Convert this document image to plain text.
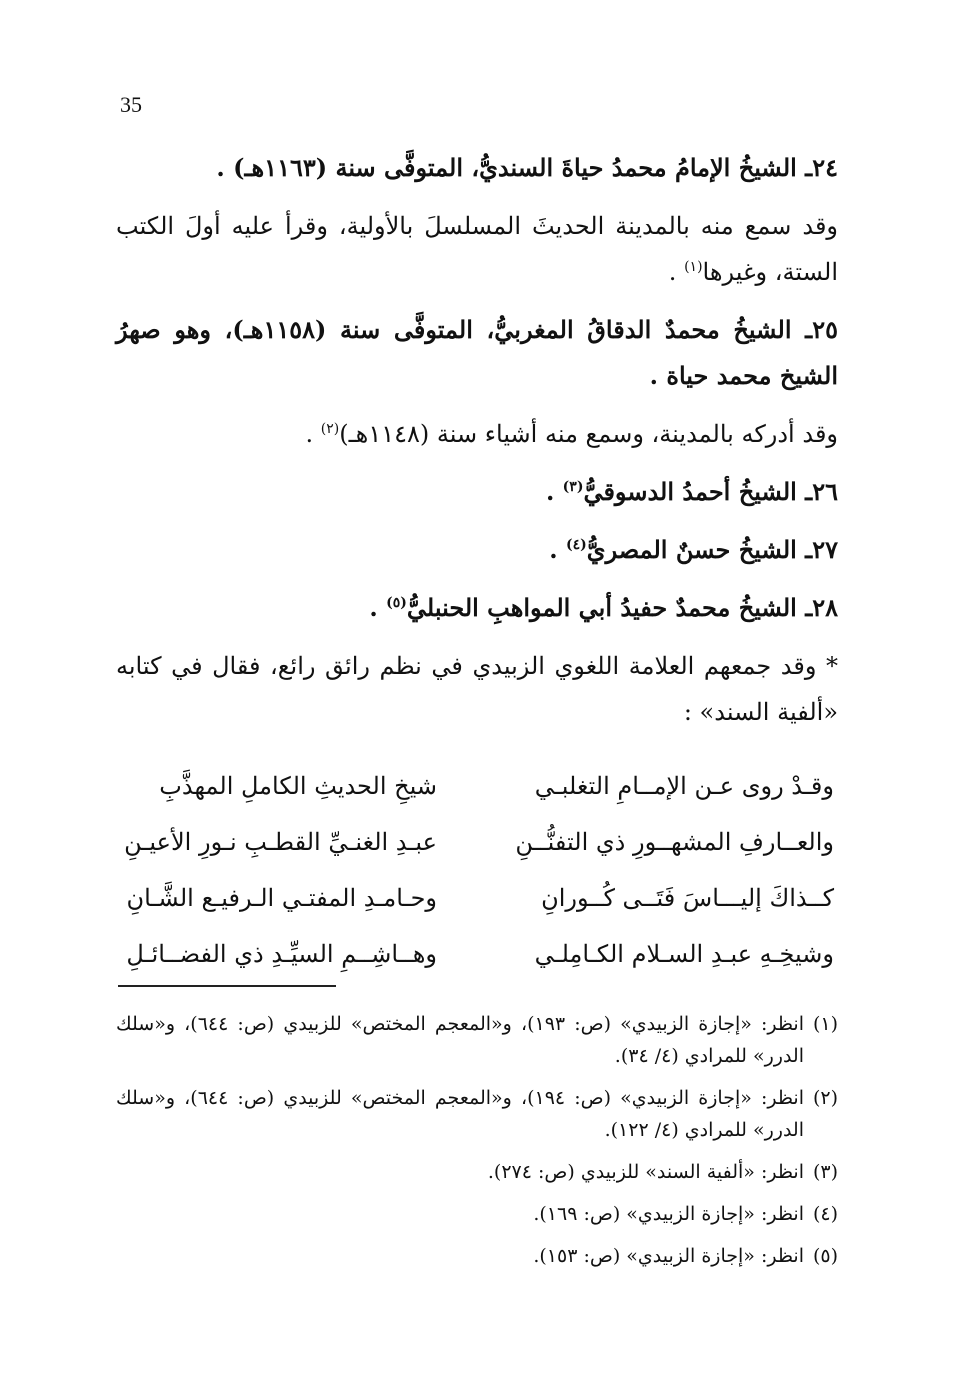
35

٢٤ـ الشيخُ الإمامُ محمدُ حياةَ السنديُّ، المتوفَّى سنة (١١٦٣هـ) .

وقد سمع منه بالمدينة الحديثَ المسلسلَ بالأولية، وقرأ عليه أولَ الكتب الستة، وغيرها$^{(١)}$ .

٢٥ـ الشيخُ محمدٌ الدقاقُ المغربيُّ، المتوفَّى سنة (١١٥٨هـ)، وهو صهرُ الشيخ محمد حياة .

وقد أدركه بالمدينة، وسمع منه أشياء سنة (١١٤٨هـ)$^{(٢)}$ .

٢٦ـ الشيخُ أحمدُ الدسوقيُّ$^{(٣)}$ .

٢٧ـ الشيخُ حسنٌ المصريُّ$^{(٤)}$ .

٢٨ـ الشيخُ محمدٌ حفيدُ أبي المواهبِ الحنبليُّ$^{(٥)}$ .

* وقد جمعهم العلامة اللغوي الزبيدي في نظم رائق رائع، فقال في كتابه «ألفية السند» :

وقـدْ روى عـن الإمــامِ التغلبـي
شيخِ الحديثِ الكاملِ المهذَّبِ
والعــارفِ المشهــورِ ذي التفنُّــنِ
عبـدِ الغنـيِّ القطـبِ نـورِ الأعيـنِ
كــذاكَ إليـــاسَ فَتَــى كُــورانِ
وحـامـدِ المفتـي الـرفيـع الشَّـانِ
وشيخِـهِ عبـدِ السـلام الكـامِلـي
وهــاشِــمِ السيِّـدِ ذي الفضــائـلِ
(١)
انظر: «إجازة الزبيدي» (ص: ١٩٣)، و«المعجم المختص» للزبيدي (ص: ٦٤٤)، و«سلك الدرر» للمرادي (٤/ ٣٤).
(٢)
انظر: «إجازة الزبيدي» (ص: ١٩٤)، و«المعجم المختص» للزبيدي (ص: ٦٤٤)، و«سلك الدرر» للمرادي (٤/ ١٢٢).
(٣)
انظر: «ألفية السند» للزبيدي (ص: ٢٧٤).
(٤)
انظر: «إجازة الزبيدي» (ص: ١٦٩).
(٥)
انظر: «إجازة الزبيدي» (ص: ١٥٣).
